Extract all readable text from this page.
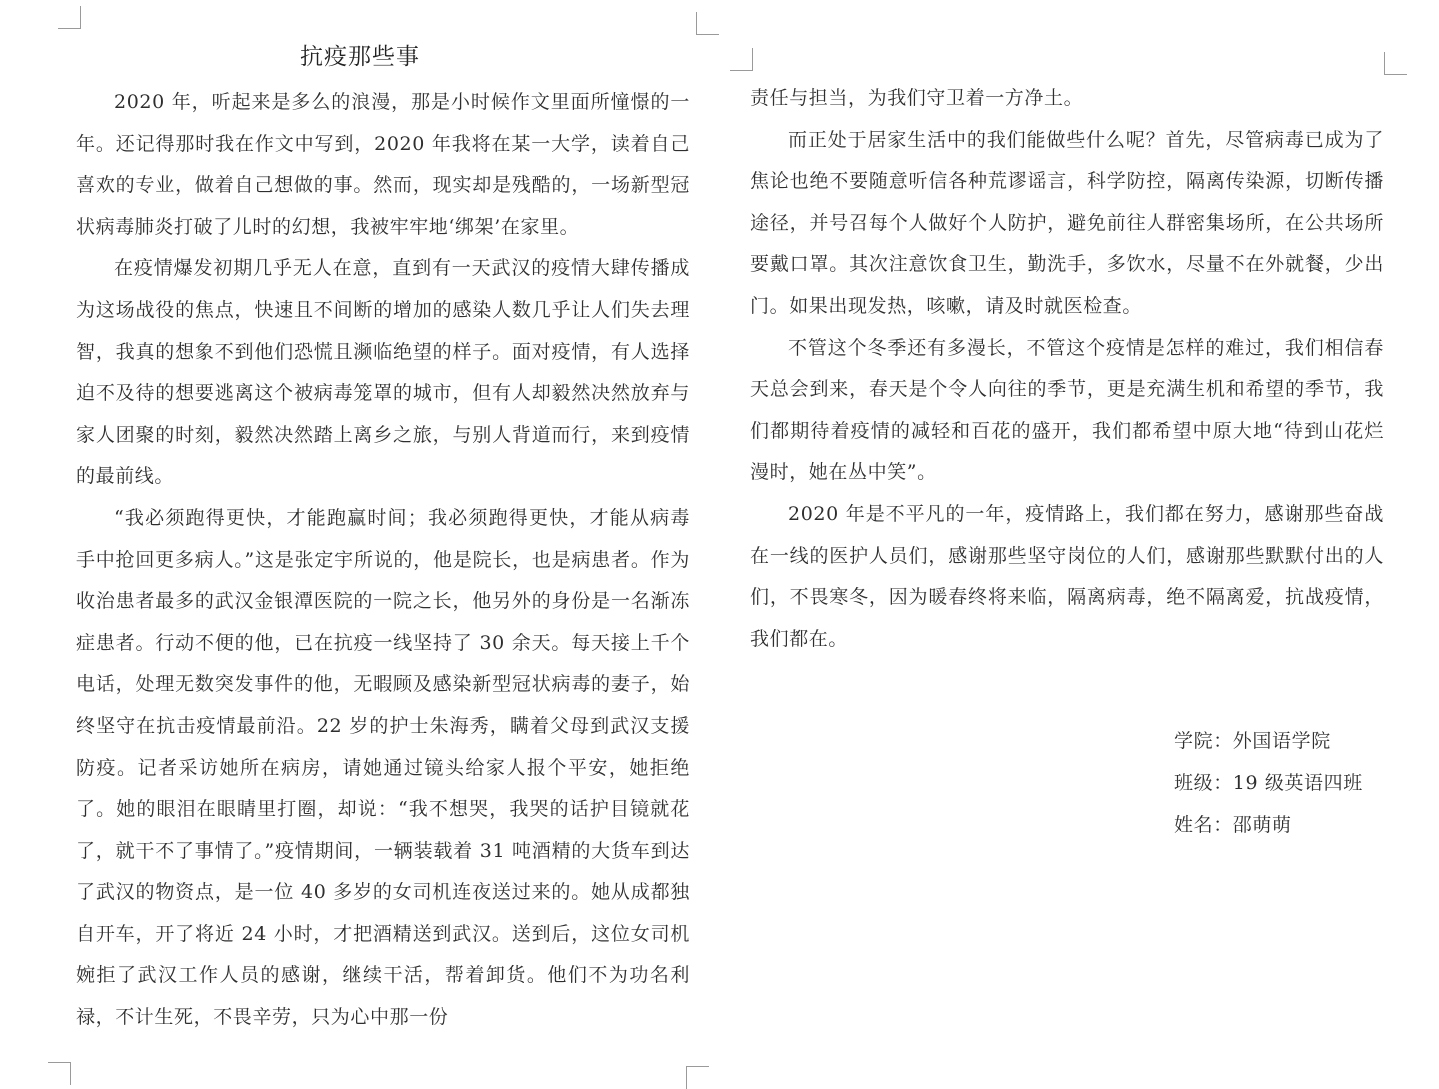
抗疫那些事

2020 年，听起来是多么的浪漫，那是小时候作文里面所憧憬的一年。还记得那时我在作文中写到，2020 年我将在某一大学，读着自己喜欢的专业，做着自己想做的事。然而，现实却是残酷的，一场新型冠状病毒肺炎打破了儿时的幻想，我被牢牢地‘绑架’在家里。

在疫情爆发初期几乎无人在意，直到有一天武汉的疫情大肆传播成为这场战役的焦点，快速且不间断的增加的感染人数几乎让人们失去理智，我真的想象不到他们恐慌且濒临绝望的样子。面对疫情，有人选择迫不及待的想要逃离这个被病毒笼罩的城市，但有人却毅然决然放弃与家人团聚的时刻，毅然决然踏上离乡之旅，与别人背道而行，来到疫情的最前线。

“我必须跑得更快，才能跑赢时间；我必须跑得更快，才能从病毒手中抢回更多病人。”这是张定宇所说的，他是院长，也是病患者。作为收治患者最多的武汉金银潭医院的一院之长，他另外的身份是一名渐冻症患者。行动不便的他，已在抗疫一线坚持了 30 余天。每天接上千个电话，处理无数突发事件的他，无暇顾及感染新型冠状病毒的妻子，始终坚守在抗击疫情最前沿。22 岁的护士朱海秀，瞒着父母到武汉支援防疫。记者采访她所在病房，请她通过镜头给家人报个平安，她拒绝了。她的眼泪在眼睛里打圈，却说：“我不想哭，我哭的话护目镜就花了，就干不了事情了。”疫情期间，一辆装载着 31 吨酒精的大货车到达了武汉的物资点，是一位 40 多岁的女司机连夜送过来的。她从成都独自开车，开了将近 24 小时，才把酒精送到武汉。送到后，这位女司机婉拒了武汉工作人员的感谢，继续干活，帮着卸货。他们不为功名利禄，不计生死，不畏辛劳，只为心中那一份

责任与担当，为我们守卫着一方净土。

而正处于居家生活中的我们能做些什么呢？首先，尽管病毒已成为了焦论也绝不要随意听信各种荒谬谣言，科学防控，隔离传染源，切断传播途径，并号召每个人做好个人防护，避免前往人群密集场所，在公共场所要戴口罩。其次注意饮食卫生，勤洗手，多饮水，尽量不在外就餐，少出门。如果出现发热，咳嗽，请及时就医检查。

不管这个冬季还有多漫长，不管这个疫情是怎样的难过，我们相信春天总会到来，春天是个令人向往的季节，更是充满生机和希望的季节，我们都期待着疫情的减轻和百花的盛开，我们都希望中原大地“待到山花烂漫时，她在丛中笑”。

2020 年是不平凡的一年，疫情路上，我们都在努力，感谢那些奋战在一线的医护人员们，感谢那些坚守岗位的人们，感谢那些默默付出的人们，不畏寒冬，因为暖春终将来临，隔离病毒，绝不隔离爱，抗战疫情，我们都在。

学院：外国语学院
班级：19 级英语四班
姓名：邵萌萌
